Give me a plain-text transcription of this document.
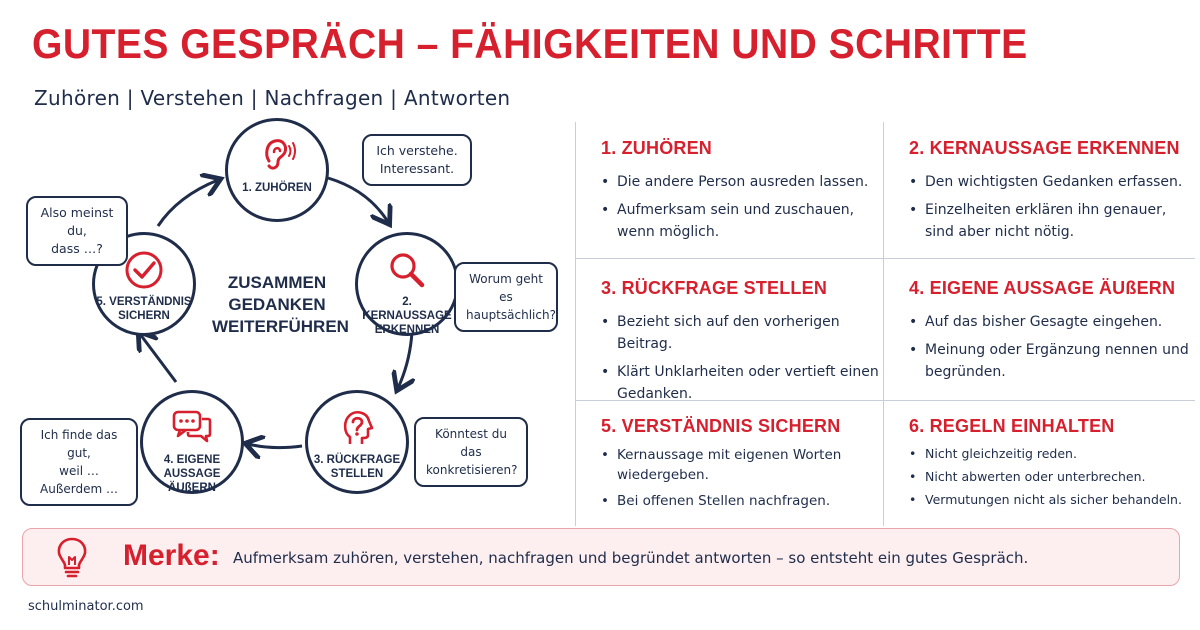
GUTES GESPRÄCH – FÄHIGKEITEN UND SCHRITTE
Zuhören | Verstehen | Nachfragen | Antworten
1. ZUHÖREN
2. KERNAUSSAGE
ERKENNEN
3. RÜCKFRAGE
STELLEN
4. EIGENE AUSSAGE
ÄUßERN
5. VERSTÄNDNIS
SICHERN
ZUSAMMEN
GEDANKEN
WEITERFÜHREN
Ich verstehe.
Interessant.
Worum geht es
hauptsächlich?
Könntest du das
konkretisieren?
Ich finde das gut,
weil … Außerdem …
Also meinst du,
dass …?
1. ZUHÖREN
• Die andere Person ausreden lassen.
• Aufmerksam sein und zuschauen, wenn möglich.
2. KERNAUSSAGE ERKENNEN
• Den wichtigsten Gedanken erfassen.
• Einzelheiten erklären ihn genauer, sind aber nicht nötig.
3. RÜCKFRAGE STELLEN
• Bezieht sich auf den vorherigen Beitrag.
• Klärt Unklarheiten oder vertieft einen Gedanken.
4. EIGENE AUSSAGE ÄUßERN
• Auf das bisher Gesagte eingehen.
• Meinung oder Ergänzung nennen und begründen.
5. VERSTÄNDNIS SICHERN
• Kernaussage mit eigenen Worten wiedergeben.
• Bei offenen Stellen nachfragen.
6. REGELN EINHALTEN
• Nicht gleichzeitig reden.
• Nicht abwerten oder unterbrechen.
• Vermutungen nicht als sicher behandeln.
Merke: Aufmerksam zuhören, verstehen, nachfragen und begründet antworten – so entsteht ein gutes Gespräch.
schulminator.com
